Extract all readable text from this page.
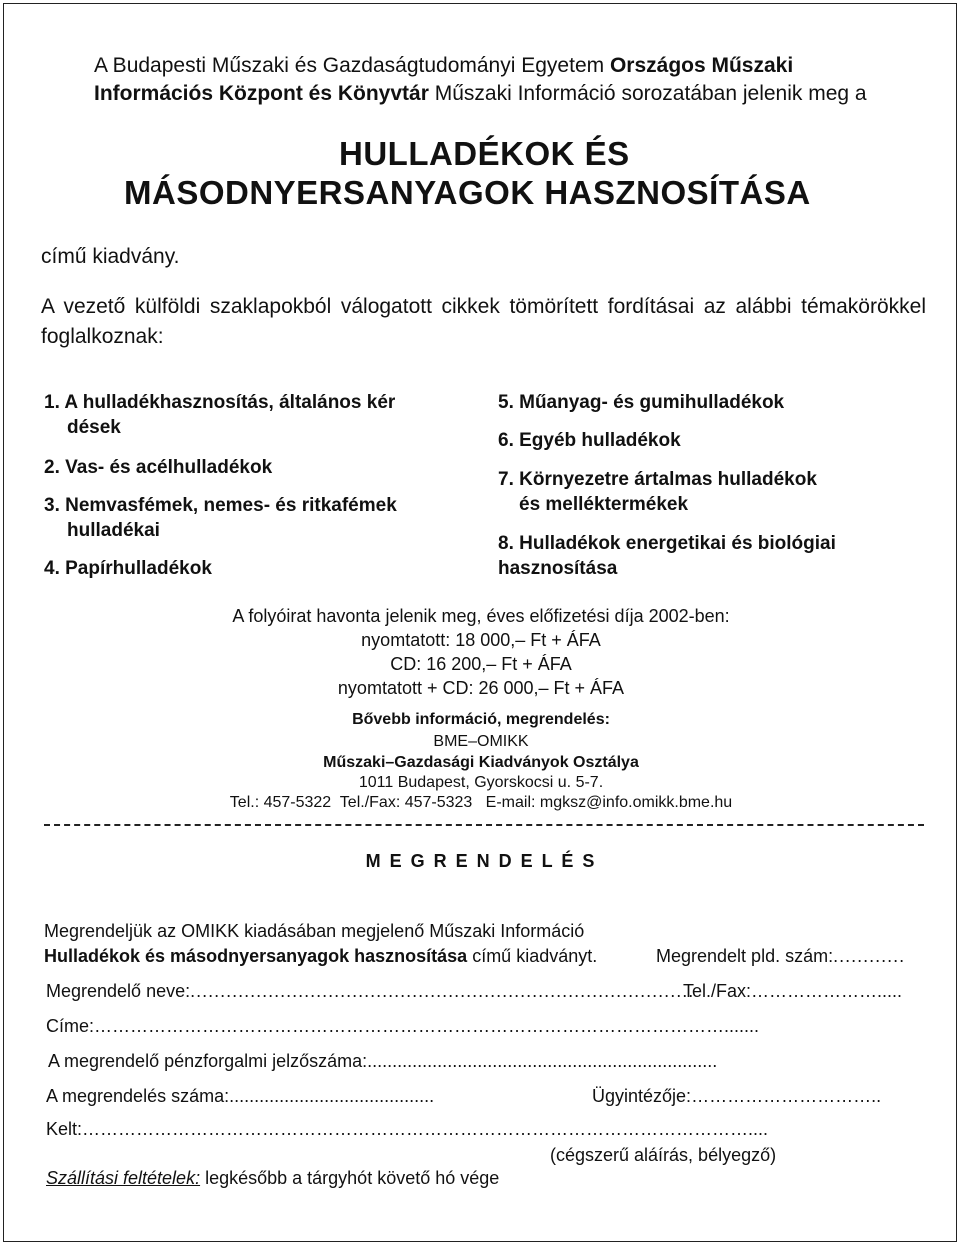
A Budapesti Műszaki és Gazdaságtudományi Egyetem Országos Műszaki
Információs Központ és Könyvtár Műszaki Információ sorozatában jelenik meg a
HULLADÉKOK ÉS
MÁSODNYERSANYAGOK HASZNOSÍTÁSA
című kiadvány.
A vezető külföldi szaklapokból válogatott cikkek tömörített fordításai az alábbi témakörökkel foglalkoznak:
1. A hulladékhasznosítás, általános kér
dések
2. Vas- és acélhulladékok
3. Nemvasfémek, nemes- és ritkafémek
hulladékai
4. Papírhulladékok
5. Műanyag- és gumihulladékok
6. Egyéb hulladékok
7. Környezetre ártalmas hulladékok
és melléktermékek
8. Hulladékok energetikai és biológiai
hasznosítása
A folyóirat havonta jelenik meg, éves előfizetési díja 2002-ben:
nyomtatott: 18 000,– Ft + ÁFA
CD: 16 200,– Ft + ÁFA
nyomtatott + CD: 26 000,– Ft + ÁFA
Bővebb információ, megrendelés:
BME–OMIKK
Műszaki–Gazdasági Kiadványok Osztálya
1011 Budapest, Gyorskocsi u. 5-7.
Tel.: 457-5322  Tel./Fax: 457-5323   E-mail: mgksz@info.omikk.bme.hu
M E G R E N D E L É S
Megrendeljük az OMIKK kiadásában megjelenő Műszaki Információ
Hulladékok és másodnyersanyagok hasznosítása című kiadványt.	Megrendelt pld. szám:............
Megrendelő neve:....................................................................................
Tel./Fax:………………….....
Címe:…………………………………………………………………………………………….......
A megrendelő pénzforgalmi jelzőszáma:......................................................................
A megrendelés száma:.........................................	Ügyintézője:…………………………..
Kelt:…………………………………………………………………………………………………....
(cégszerű aláírás, bélyegző)
Szállítási feltételek: legkésőbb a tárgyhót követő hó vége
